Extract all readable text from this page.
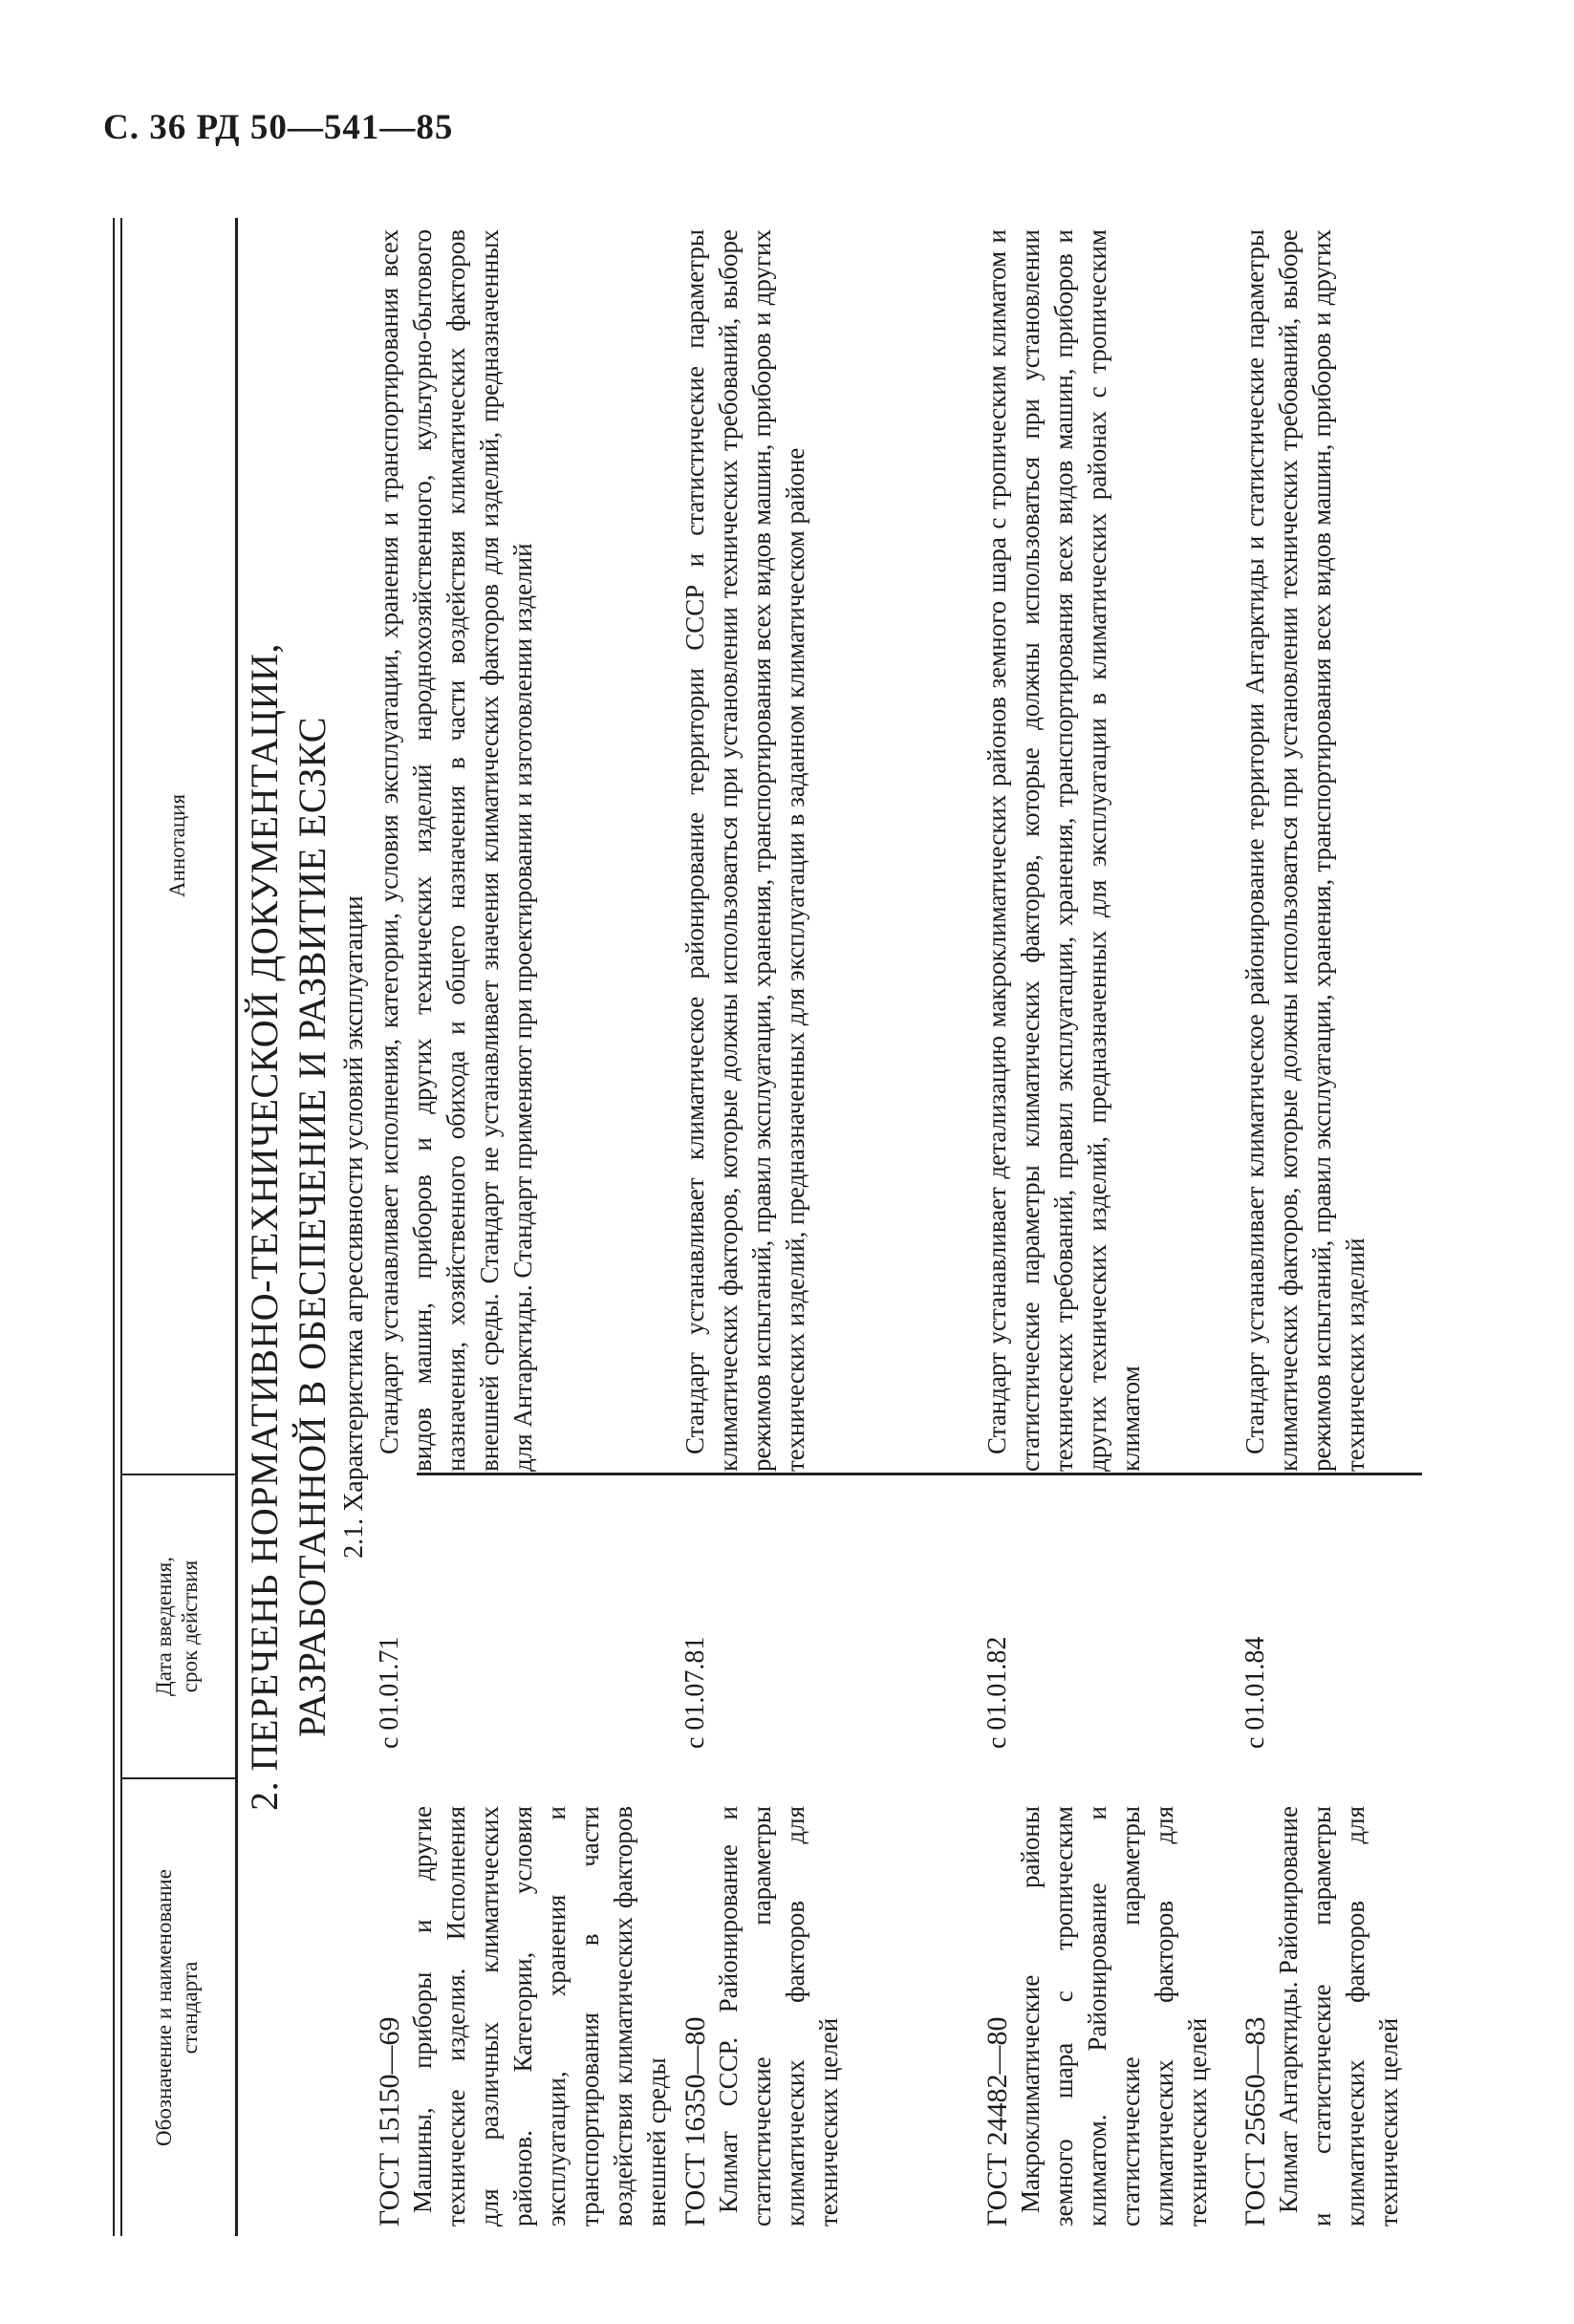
С. 36 РД 50—541—85
Обозначение и наименование
стандарта
Дата введения,
срок действия
Аннотация
2. ПЕРЕЧЕНЬ НОРМАТИВНО-ТЕХНИЧЕСКОЙ ДОКУМЕНТАЦИИ,
РАЗРАБОТАННОЙ В ОБЕСПЕЧЕНИЕ И РАЗВИТИЕ ЕСЗКС
2.1. Характеристика агрессивности условий эксплуатации
ГОСТ 15150—69 Машины, приборы и другие технические изделия. Исполнения для различных климатических районов. Категории, условия эксплуатации, хранения и транспортирования в части воздействия климатических факторов внешней среды
с 01.01.71
Стандарт устанавливает исполнения, категории, условия эксплуатации, хранения и транспортирования всех видов машин, приборов и других технических изделий народнохозяйственного, культурно-бытового назначения, хозяйственного обихода и общего назначения в части воздействия климатических факторов внешней среды. Стандарт не устанавливает значения климатических факторов для изделий, предназначенных для Антарктиды. Стандарт применяют при проектировании и изготовлении изделий
ГОСТ 16350—80 Климат СССР. Районирование и статистические параметры климатических факторов для технических целей
с 01.07.81
Стандарт устанавливает климатическое районирование территории СССР и статистические параметры климатических факторов, которые должны использоваться при установлении технических требований, выборе режимов испытаний, правил эксплуатации, хранения, транспортирования всех видов машин, приборов и других технических изделий, предназначенных для эксплуатации в заданном климатическом районе
ГОСТ 24482—80 Макроклиматические районы земного шара с тропическим климатом. Районирование и статистические параметры климатических факторов для технических целей
с 01.01.82
Стандарт устанавливает детализацию макроклиматических районов земного шара с тропическим климатом и статистические параметры климатических факторов, которые должны использоваться при установлении технических требований, правил эксплуатации, хранения, транспортирования всех видов машин, приборов и других технических изделий, предназначенных для эксплуатации в климатических районах с тропическим климатом
ГОСТ 25650—83 Климат Антарктиды. Районирование и статистические параметры климатических факторов для технических целей
с 01.01.84
Стандарт устанавливает климатическое районирование территории Антарктиды и статистические параметры климатических факторов, которые должны использоваться при установлении технических требований, выборе режимов испытаний, правил эксплуатации, хранения, транспортирования всех видов машин, приборов и других технических изделий
